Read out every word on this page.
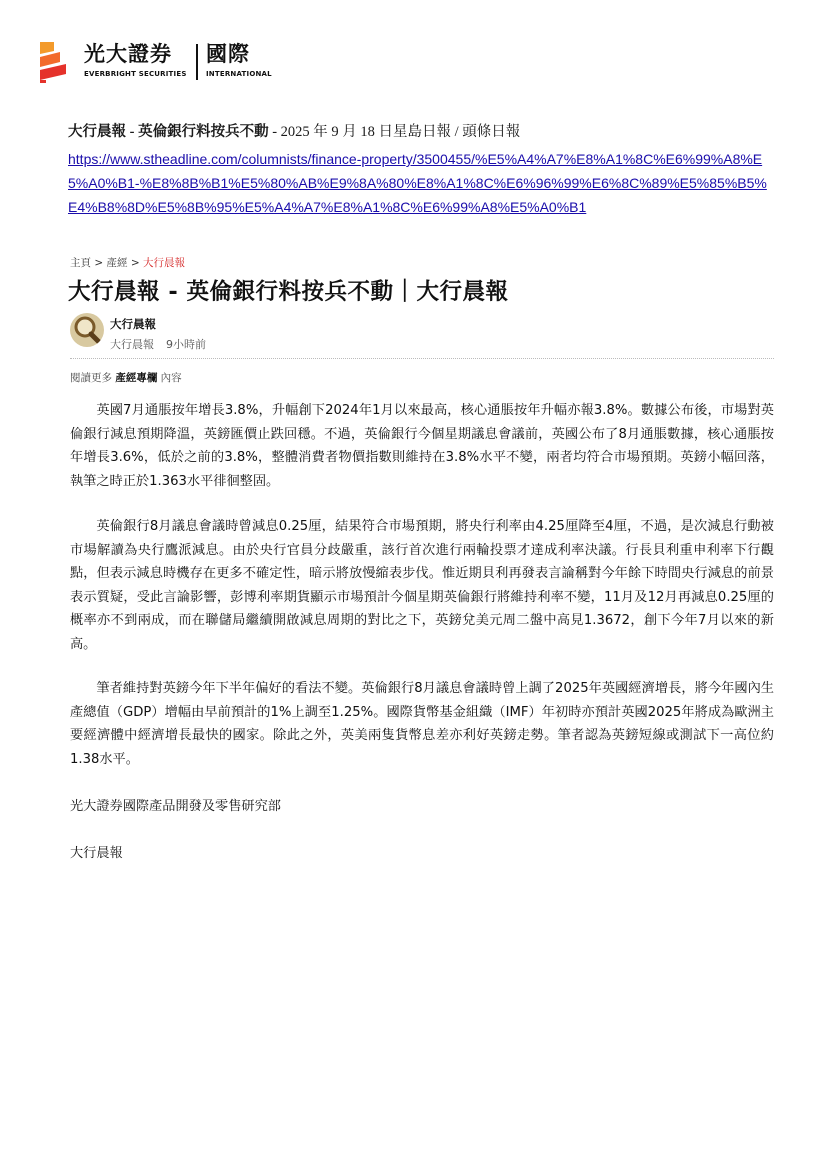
光大證券 國際
EVERBRIGHT SECURITIES	INTERNATIONAL
大行晨報 - 英倫銀行料按兵不動 - 2025 年 9 月 18 日星島日報 / 頭條日報
https://www.stheadline.com/columnists/finance-property/3500455/%E5%A4%A7%E8%A1%8C%E6%99%A8%E5%A0%B1-%E8%8B%B1%E5%80%AB%E9%8A%80%E8%A1%8C%E6%96%99%E6%8C%89%E5%85%B5%E4%B8%8D%E5%8B%95%E5%A4%A7%E8%A1%8C%E6%99%A8%E5%A0%B1
主頁 > 產經 > 大行晨報
大行晨報 - 英倫銀行料按兵不動｜大行晨報
大行晨報
大行晨報 9小時前
閱讀更多 產經專欄 內容

英國7月通脹按年增長3.8%，升幅創下2024年1月以來最高，核心通脹按年升幅亦報3.8%。數據公布後，市場對英倫銀行減息預期降溫，英鎊匯價止跌回穩。不過，英倫銀行今個星期議息會議前，英國公布了8月通脹數據，核心通脹按年增長3.6%，低於之前的3.8%，整體消費者物價指數則維持在3.8%水平不變，兩者均符合市場預期。英鎊小幅回落，執筆之時正於1.363水平徘徊整固。

英倫銀行8月議息會議時曾減息0.25厘，結果符合市場預期，將央行利率由4.25厘降至4厘，不過，是次減息行動被市場解讀為央行鷹派減息。由於央行官員分歧嚴重，該行首次進行兩輪投票才達成利率決議。行長貝利重申利率下行觀點，但表示減息時機存在更多不確定性，暗示將放慢縮表步伐。惟近期貝利再發表言論稱對今年餘下時間央行減息的前景表示質疑，受此言論影響，彭博利率期貨顯示市場預計今個星期英倫銀行將維持利率不變，11月及12月再減息0.25厘的概率亦不到兩成，而在聯儲局繼續開啟減息周期的對比之下，英鎊兌美元周二盤中高見1.3672，創下今年7月以來的新高。

筆者維持對英鎊今年下半年偏好的看法不變。英倫銀行8月議息會議時曾上調了2025年英國經濟增長，將今年國內生產總值（GDP）增幅由早前預計的1%上調至1.25%。國際貨幣基金組織（IMF）年初時亦預計英國2025年將成為歐洲主要經濟體中經濟增長最快的國家。除此之外，英美兩隻貨幣息差亦利好英鎊走勢。筆者認為英鎊短線或測試下一高位約1.38水平。

光大證券國際產品開發及零售研究部

大行晨報
